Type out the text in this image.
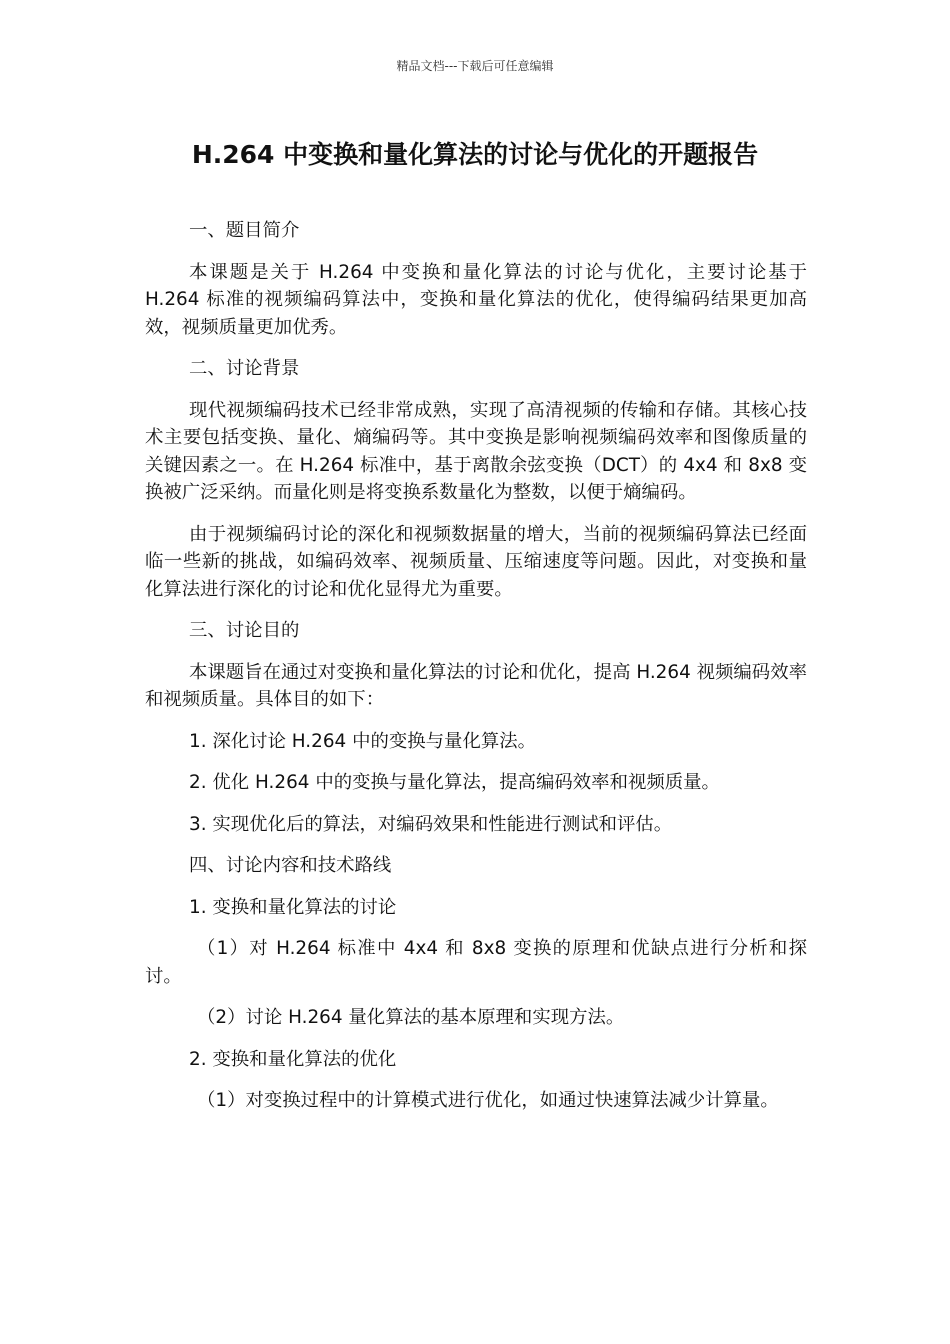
精品文档---下载后可任意编辑
H.264 中变换和量化算法的讨论与优化的开题报告

一、题目简介

本课题是关于 H.264 中变换和量化算法的讨论与优化，主要讨论基于 H.264 标准的视频编码算法中，变换和量化算法的优化，使得编码结果更加高效，视频质量更加优秀。

二、讨论背景

现代视频编码技术已经非常成熟，实现了高清视频的传输和存储。其核心技术主要包括变换、量化、熵编码等。其中变换是影响视频编码效率和图像质量的关键因素之一。在 H.264 标准中，基于离散余弦变换（DCT）的 4x4 和 8x8 变换被广泛采纳。而量化则是将变换系数量化为整数，以便于熵编码。

由于视频编码讨论的深化和视频数据量的增大，当前的视频编码算法已经面临一些新的挑战，如编码效率、视频质量、压缩速度等问题。因此，对变换和量化算法进行深化的讨论和优化显得尤为重要。

三、讨论目的

本课题旨在通过对变换和量化算法的讨论和优化，提高 H.264 视频编码效率和视频质量。具体目的如下：

1. 深化讨论 H.264 中的变换与量化算法。

2. 优化 H.264 中的变换与量化算法，提高编码效率和视频质量。

3. 实现优化后的算法，对编码效果和性能进行测试和评估。

四、讨论内容和技术路线

1. 变换和量化算法的讨论

（1）对 H.264 标准中 4x4 和 8x8 变换的原理和优缺点进行分析和探讨。

（2）讨论 H.264 量化算法的基本原理和实现方法。

2. 变换和量化算法的优化

（1）对变换过程中的计算模式进行优化，如通过快速算法减少计算量。
